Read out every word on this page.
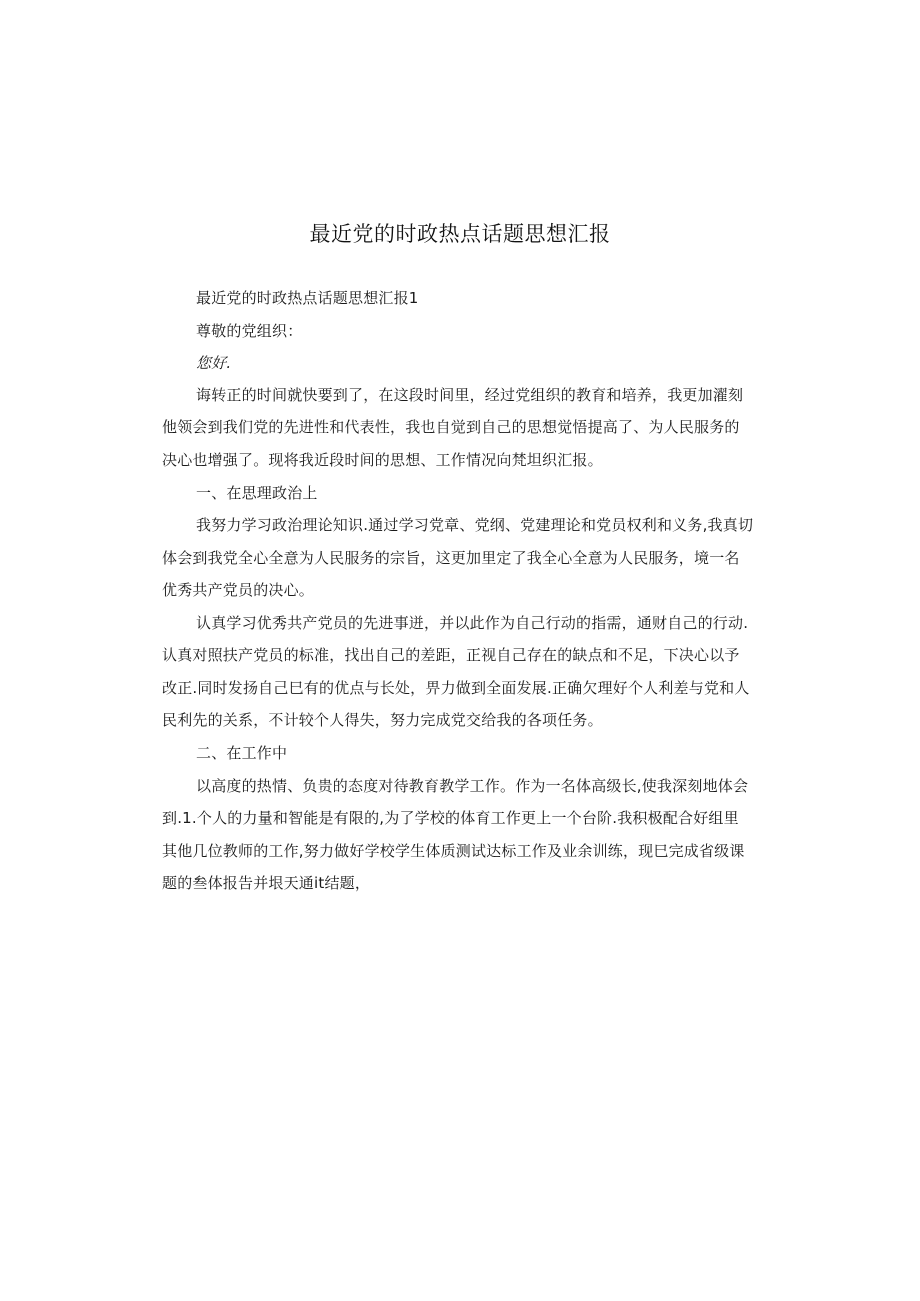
最近党的时政热点话题思想汇报
最近党的时政热点话题思想汇报1
尊敬的党组织：
您好.
诲转正的时间就快要到了，在这段时间里，经过党组织的教育和培养，我更加濯刻
他领会到我们党的先进性和代表性，我也自觉到自己的思想觉悟提高了、为人民服务的
决心也增强了。现将我近段时间的思想、工作情况向梵坦织汇报。
一、在思理政治上
我努力学习政治理论知识.通过学习党章、党纲、党建理论和党员权利和义务,我真切
体会到我党全心全意为人民服务的宗旨，这更加里定了我全心全意为人民服务，境一名
优秀共产党员的决心。
认真学习优秀共产党员的先进事迸，并以此作为自己行动的指需，通财自己的行动.
认真对照扶产党员的标准，找出自己的差距，正视自己存在的缺点和不足，下决心以予
改正.同时发扬自己巳有的优点与长处，畀力做到全面发展.正确欠理好个人利差与党和人
民利先的关系，不计较个人得失，努力完成党交给我的各项任务。
二、在工作中
以高度的热情、负贵的态度对待教育教学工作。作为一名体高级长,使我深刻地体会
到.1.个人的力量和智能是有限的,为了学校的体育工作更上一个台阶.我积极配合好组里
其他几位教师的工作,努力做好学校学生体质测试达标工作及业余训练，现巳完成省级课
题的叁体报告并垠天通it结题，
